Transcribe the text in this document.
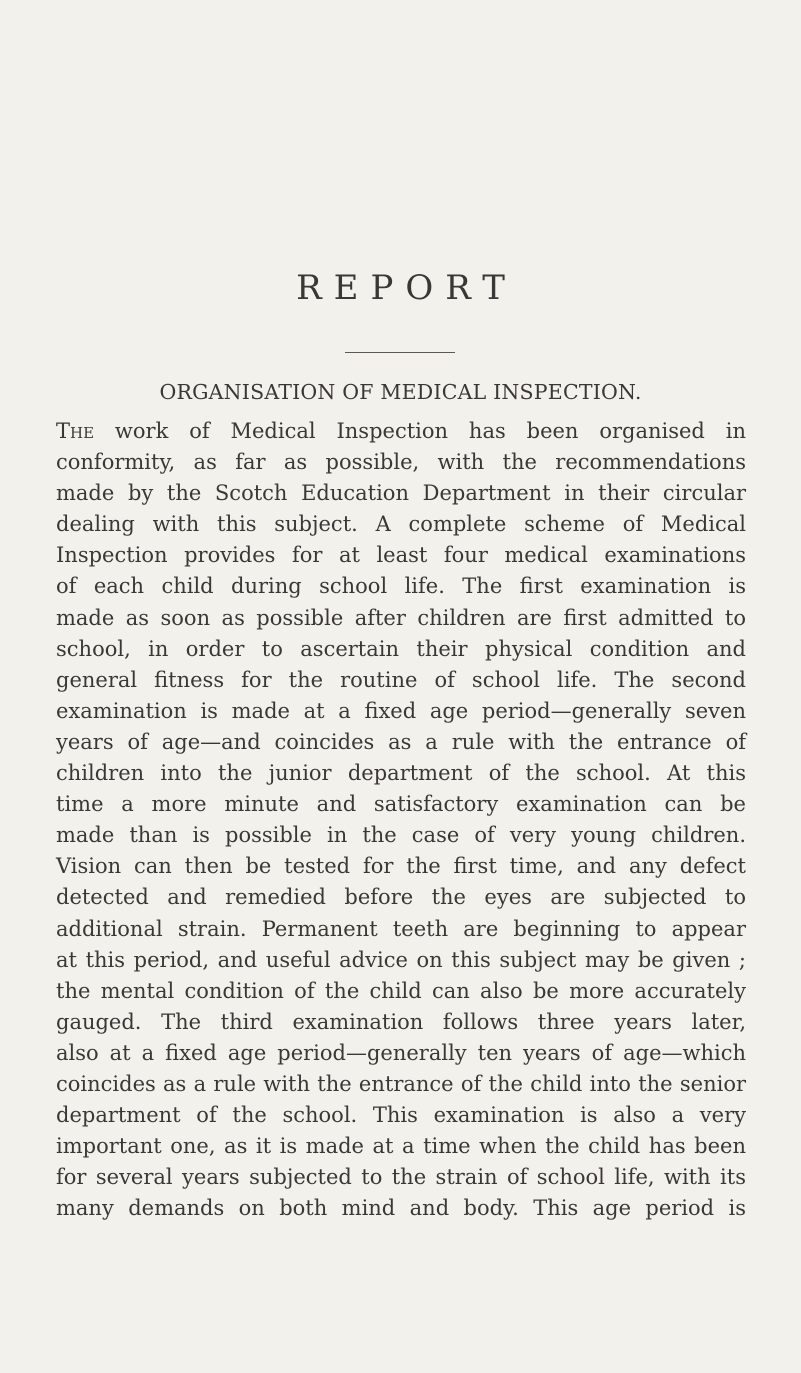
REPORT
ORGANISATION OF MEDICAL INSPECTION.
The work of Medical Inspection has been organised in
conformity, as far as possible, with the recommendations
made by the Scotch Education Department in their circular
dealing with this subject. A complete scheme of Medical
Inspection provides for at least four medical examinations
of each child during school life. The first examination is
made as soon as possible after children are first admitted to
school, in order to ascertain their physical condition and
general fitness for the routine of school life. The second
examination is made at a fixed age period—generally seven
years of age—and coincides as a rule with the entrance of
children into the junior department of the school. At this
time a more minute and satisfactory examination can be
made than is possible in the case of very young children.
Vision can then be tested for the first time, and any defect
detected and remedied before the eyes are subjected to
additional strain. Permanent teeth are beginning to appear
at this period, and useful advice on this subject may be given ;
the mental condition of the child can also be more accurately
gauged. The third examination follows three years later,
also at a fixed age period—generally ten years of age—which
coincides as a rule with the entrance of the child into the senior
department of the school. This examination is also a very
important one, as it is made at a time when the child has been
for several years subjected to the strain of school life, with its
many demands on both mind and body. This age period is
